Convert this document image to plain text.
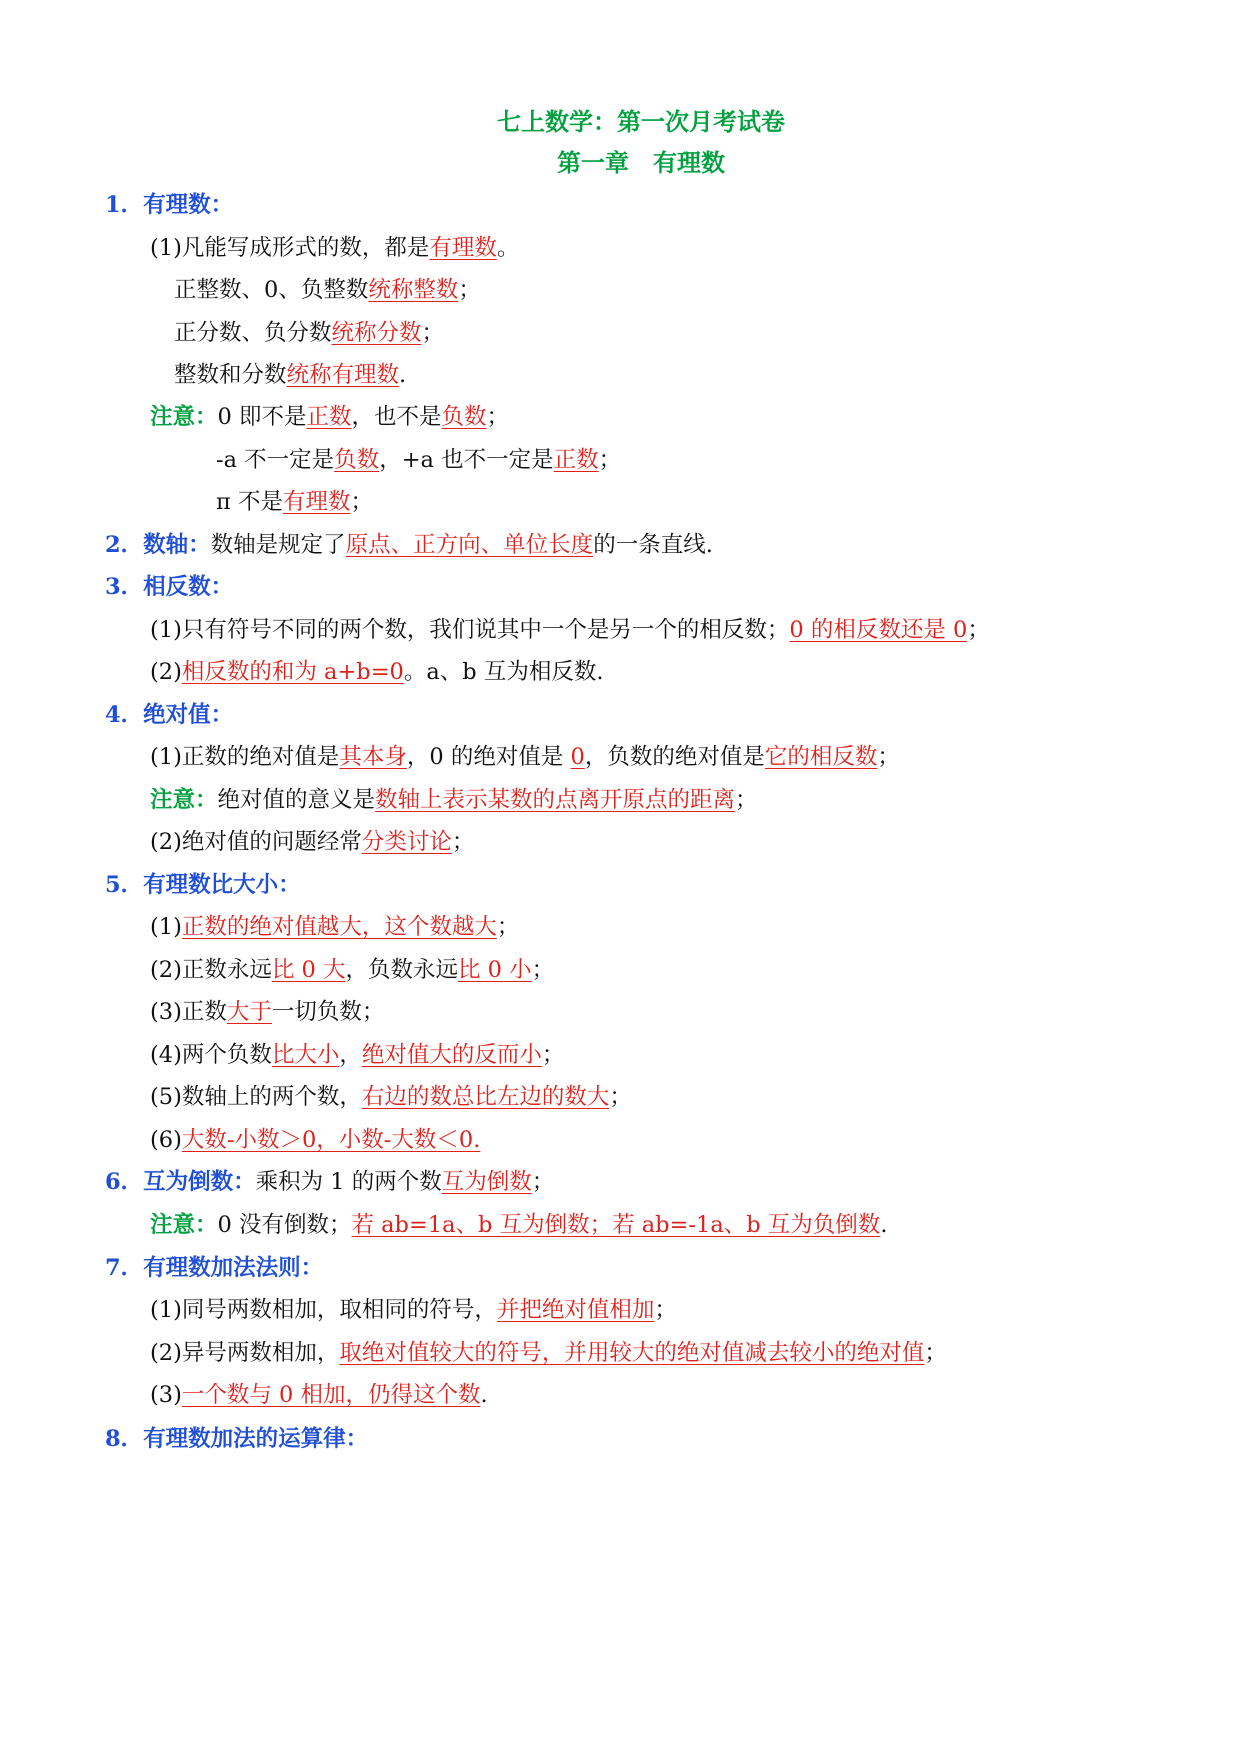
七上数学：第一次月考试卷
第一章　有理数
1．有理数：
(1)凡能写成形式的数，都是有理数。
正整数、0、负整数统称整数；
正分数、负分数统称分数；
整数和分数统称有理数.
注意：0 即不是正数，也不是负数；
-a 不一定是负数，+a 也不一定是正数；
π 不是有理数；
2．数轴：数轴是规定了原点、正方向、单位长度的一条直线.
3．相反数：
(1)只有符号不同的两个数，我们说其中一个是另一个的相反数；0 的相反数还是 0；
(2)相反数的和为 a+b=0。a、b 互为相反数.
4．绝对值：
(1)正数的绝对值是其本身，0 的绝对值是 0，负数的绝对值是它的相反数；
注意：绝对值的意义是数轴上表示某数的点离开原点的距离；
(2)绝对值的问题经常分类讨论；
5．有理数比大小：
(1)正数的绝对值越大，这个数越大；
(2)正数永远比 0 大，负数永远比 0 小；
(3)正数大于一切负数；
(4)两个负数比大小，绝对值大的反而小；
(5)数轴上的两个数，右边的数总比左边的数大；
(6)大数-小数＞0，小数-大数＜0.
6．互为倒数：乘积为 1 的两个数互为倒数；
注意：0 没有倒数；若 ab=1a、b 互为倒数；若 ab=-1a、b 互为负倒数.
7．有理数加法法则：
(1)同号两数相加，取相同的符号，并把绝对值相加；
(2)异号两数相加，取绝对值较大的符号，并用较大的绝对值减去较小的绝对值；
(3)一个数与 0 相加，仍得这个数.
8．有理数加法的运算律：
